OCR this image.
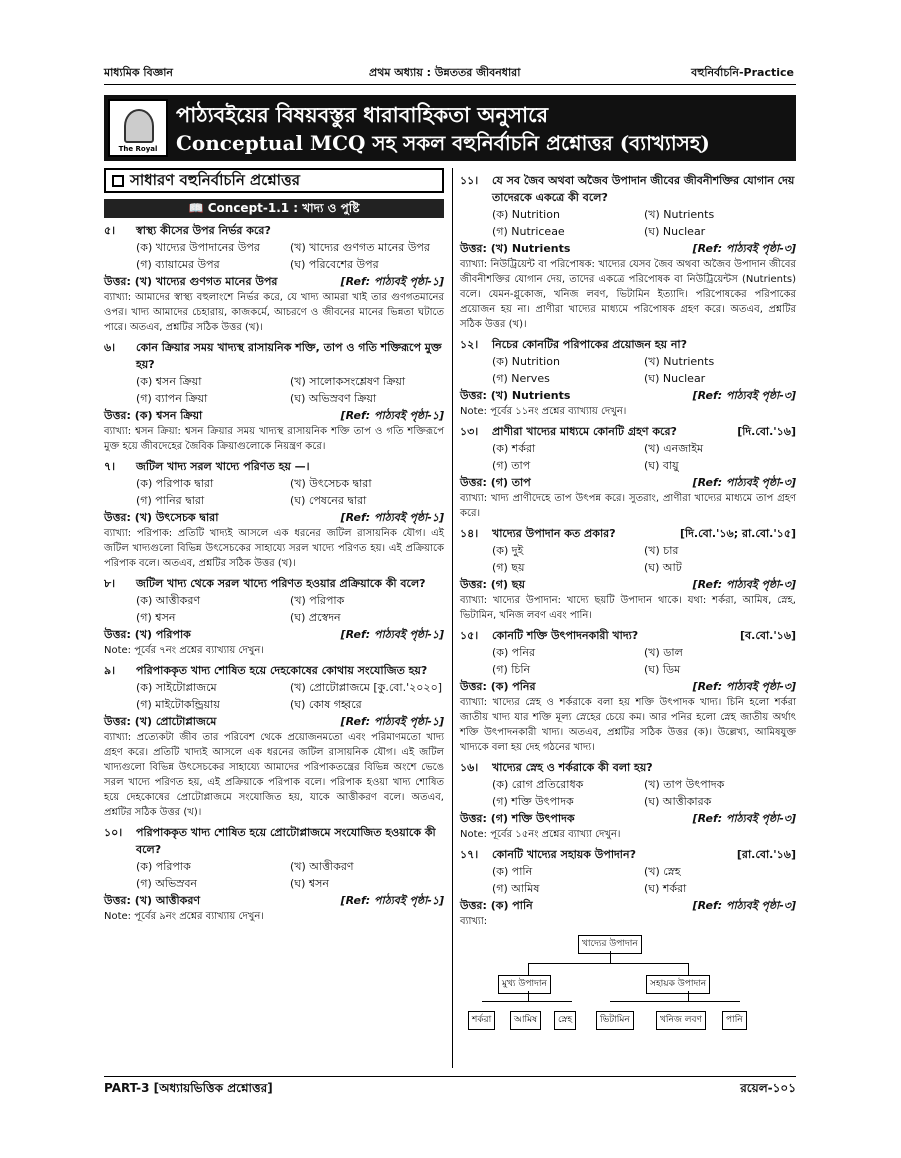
মাধ্যমিক বিজ্ঞান	প্রথম অধ্যায় : উন্নততর জীবনধারা	বহুনির্বাচনি-Practice
The Royal
পাঠ্যবইয়ের বিষয়বস্তুর ধারাবাহিকতা অনুসারে
Conceptual MCQ সহ সকল বহুনির্বাচনি প্রশ্নোত্তর (ব্যাখ্যাসহ)
সাধারণ বহুনির্বাচনি প্রশ্নোত্তর
📖 Concept-1.1 : খাদ্য ও পুষ্টি
৫।	স্বাস্থ্য কীসের উপর নির্ভর করে?
(ক) খাদ্যের উপাদানের উপর	(খ) খাদ্যের গুণগত মানের উপর
(গ) ব্যায়ামের উপর	(ঘ) পরিবেশের উপর
উত্তর: (খ) খাদ্যের গুণগত মানের উপর	[Ref: পাঠ্যবই পৃষ্ঠা-১]
ব্যাখ্যা: আমাদের স্বাস্থ্য বহুলাংশে নির্ভর করে, যে খাদ্য আমরা খাই তার গুণগতমানের ওপর। খাদ্য আমাদের চেহারায়, কাজকর্মে, আচরণে ও জীবনের মানের ভিন্নতা ঘটাতে পারে। অতএব, প্রশ্নটির সঠিক উত্তর (খ)।
৬।	কোন ক্রিয়ার সময় খাদ্যস্থ রাসায়নিক শক্তি, তাপ ও গতি শক্তিরূপে মুক্ত হয়?
(ক) শ্বসন ক্রিয়া	(খ) সালোকসংশ্লেষণ ক্রিয়া
(গ) ব্যাপন ক্রিয়া	(ঘ) অভিস্রবণ ক্রিয়া
উত্তর: (ক) শ্বসন ক্রিয়া	[Ref: পাঠ্যবই পৃষ্ঠা-১]
ব্যাখ্যা: শ্বসন ক্রিয়া: শ্বসন ক্রিয়ার সময় খাদ্যস্থ রাসায়নিক শক্তি তাপ ও গতি শক্তিরূপে মুক্ত হয়ে জীবদেহের জৈবিক ক্রিয়াগুলোকে নিয়ন্ত্রণ করে।
৭।	জটিল খাদ্য সরল খাদ্যে পরিণত হয় —।
(ক) পরিপাক দ্বারা	(খ) উৎসেচক দ্বারা
(গ) পানির দ্বারা	(ঘ) পেষনের দ্বারা
উত্তর: (খ) উৎসেচক দ্বারা	[Ref: পাঠ্যবই পৃষ্ঠা-১]
ব্যাখ্যা: পরিপাক: প্রতিটি খাদ্যই আসলে এক ধরনের জটিল রাসায়নিক যৌগ। এই জটিল খাদ্যগুলো বিভিন্ন উৎসেচকের সাহায্যে সরল খাদ্যে পরিণত হয়। এই প্রক্রিয়াকে পরিপাক বলে। অতএব, প্রশ্নটির সঠিক উত্তর (খ)।
৮।	জটিল খাদ্য থেকে সরল খাদ্যে পরিণত হওয়ার প্রক্রিয়াকে কী বলে?
(ক) আত্তীকরণ	(খ) পরিপাক
(গ) শ্বসন	(ঘ) প্রস্বেদন
উত্তর: (খ) পরিপাক	[Ref: পাঠ্যবই পৃষ্ঠা-১]
Note: পূর্বের ৭নং প্রশ্নের ব্যাখ্যায় দেখুন।
৯।	পরিপাককৃত খাদ্য শোষিত হয়ে দেহকোষের কোথায় সংযোজিত হয়?
(ক) সাইটোপ্লাজমে	(খ) প্রোটোপ্লাজমে [কু.বো.'২০২০]
(গ) মাইটোকন্ড্রিয়ায়	(ঘ) কোষ গহ্বরে
উত্তর: (খ) প্রোটোপ্লাজমে	[Ref: পাঠ্যবই পৃষ্ঠা-১]
ব্যাখ্যা: প্রত্যেকটা জীব তার পরিবেশ থেকে প্রয়োজনমতো এবং পরিমাণমতো খাদ্য গ্রহণ করে। প্রতিটি খাদ্যই আসলে এক ধরনের জটিল রাসায়নিক যৌগ। এই জটিল খাদ্যগুলো বিভিন্ন উৎসেচকের সাহায্যে আমাদের পরিপাকতন্ত্রের বিভিন্ন অংশে ভেঙে সরল খাদ্যে পরিণত হয়, এই প্রক্রিয়াকে পরিপাক বলে। পরিপাক হওয়া খাদ্য শোষিত হয়ে দেহকোষের প্রোটোপ্লাজমে সংযোজিত হয়, যাকে আত্তীকরণ বলে। অতএব, প্রশ্নটির সঠিক উত্তর (খ)।
১০।	পরিপাককৃত খাদ্য শোষিত হয়ে প্রোটোপ্লাজমে সংযোজিত হওয়াকে কী বলে?
(ক) পরিপাক	(খ) আত্তীকরণ
(গ) অভিস্রবন	(ঘ) শ্বসন
উত্তর: (খ) আত্তীকরণ	[Ref: পাঠ্যবই পৃষ্ঠা-১]
Note: পূর্বের ৯নং প্রশ্নের ব্যাখ্যায় দেখুন।
১১।	যে সব জৈব অথবা অজৈব উপাদান জীবের জীবনীশক্তির যোগান দেয় তাদেরকে একত্রে কী বলে?
(ক) Nutrition	(খ) Nutrients
(গ) Nutriceae	(ঘ) Nuclear
উত্তর: (খ) Nutrients	[Ref: পাঠ্যবই পৃষ্ঠা-৩]
ব্যাখ্যা: নিউট্রিয়েন্ট বা পরিপোষক: খাদ্যের যেসব জৈব অথবা অজৈব উপাদান জীবের জীবনীশক্তির যোগান দেয়, তাদের একত্রে পরিপোষক বা নিউট্রিয়েন্টস (Nutrients) বলে। যেমন-গ্লুকোজ, খনিজ লবণ, ভিটামিন ইত্যাদি। পরিপোষকের পরিপাকের প্রয়োজন হয় না। প্রাণীরা খাদ্যের মাধ্যমে পরিপোষক গ্রহণ করে। অতএব, প্রশ্নটির সঠিক উত্তর (খ)।
১২।	নিচের কোনটির পরিপাকের প্রয়োজন হয় না?
(ক) Nutrition	(খ) Nutrients
(গ) Nerves	(ঘ) Nuclear
উত্তর: (খ) Nutrients	[Ref: পাঠ্যবই পৃষ্ঠা-৩]
Note: পূর্বের ১১নং প্রশ্নের ব্যাখ্যায় দেখুন।
১৩।	প্রাণীরা খাদ্যের মাধ্যমে কোনটি গ্রহণ করে?	[দি.বো.'১৬]
(ক) শর্করা	(খ) এনজাইম
(গ) তাপ	(ঘ) বায়ু
উত্তর: (গ) তাপ	[Ref: পাঠ্যবই পৃষ্ঠা-৩]
ব্যাখ্যা: খাদ্য প্রাণীদেহে তাপ উৎপন্ন করে। সুতরাং, প্রাণীরা খাদ্যের মাধ্যমে তাপ গ্রহণ করে।
১৪।	খাদ্যের উপাদান কত প্রকার?	[দি.বো.'১৬; রা.বো.'১৫]
(ক) দুই	(খ) চার
(গ) ছয়	(ঘ) আট
উত্তর: (গ) ছয়	[Ref: পাঠ্যবই পৃষ্ঠা-৩]
ব্যাখ্যা: খাদ্যের উপাদান: খাদ্যে ছয়টি উপাদান থাকে। যথা: শর্করা, আমিষ, স্নেহ, ভিটামিন, খনিজ লবণ এবং পানি।
১৫।	কোনটি শক্তি উৎপাদনকারী খাদ্য?	[ব.বো.'১৬]
(ক) পনির	(খ) ডাল
(গ) চিনি	(ঘ) ডিম
উত্তর: (ক) পনির	[Ref: পাঠ্যবই পৃষ্ঠা-৩]
ব্যাখ্যা: খাদ্যের স্নেহ ও শর্করাকে বলা হয় শক্তি উৎপাদক খাদ্য। চিনি হলো শর্করা জাতীয় খাদ্য যার শক্তি মূল্য স্নেহের চেয়ে কম। আর পনির হলো স্নেহ জাতীয় অর্থাৎ শক্তি উৎপাদনকারী খাদ্য। অতএব, প্রশ্নটির সঠিক উত্তর (ক)। উল্লেখ্য, আমিষযুক্ত খাদ্যকে বলা হয় দেহ গঠনের খাদ্য।
১৬।	খাদ্যের স্নেহ ও শর্করাকে কী বলা হয়?
(ক) রোগ প্রতিরোধক	(খ) তাপ উৎপাদক
(গ) শক্তি উৎপাদক	(ঘ) আত্তীকারক
উত্তর: (গ) শক্তি উৎপাদক	[Ref: পাঠ্যবই পৃষ্ঠা-৩]
Note: পূর্বের ১৫নং প্রশ্নের ব্যাখ্যা দেখুন।
১৭।	কোনটি খাদ্যের সহায়ক উপাদান?	[রা.বো.'১৬]
(ক) পানি	(খ) স্নেহ
(গ) আমিষ	(ঘ) শর্করা
উত্তর: (ক) পানি	[Ref: পাঠ্যবই পৃষ্ঠা-৩]
ব্যাখ্যা:
খাদ্যের উপাদান
মুখ্য উপাদান	সহায়ক উপাদান
শর্করা	আমিষ	স্নেহ	ভিটামিন	খনিজ লবণ	পানি
PART-3 [অধ্যায়ভিত্তিক প্রশ্নোত্তর]	রয়েল-১০১
